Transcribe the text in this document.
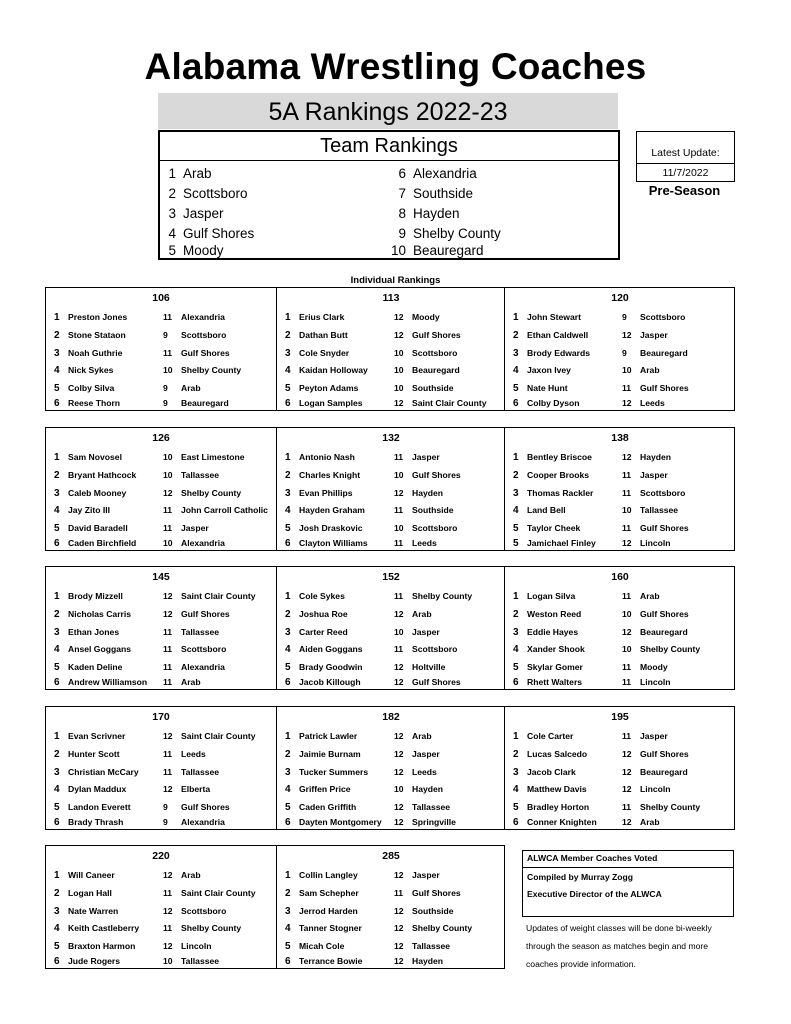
Alabama Wrestling Coaches
5A Rankings 2022-23
Team Rankings
1 Arab
2 Scottsboro
3 Jasper
4 Gulf Shores
5 Moody
6 Alexandria
7 Southside
8 Hayden
9 Shelby County
10 Beauregard
Latest Update:
11/7/2022
Pre-Season
Individual Rankings
106
1 Preston Jones	11 Alexandria
2 Stone Stataon	9 Scottsboro
3 Noah Guthrie	11 Gulf Shores
4 Nick Sykes	10 Shelby County
5 Colby Silva	9 Arab
6 Reese Thorn	9 Beauregard
113
1 Erius Clark	12 Moody
2 Dathan Butt	12 Gulf Shores
3 Cole Snyder	10 Scottsboro
4 Kaidan Holloway	10 Beauregard
5 Peyton Adams	10 Southside
6 Logan Samples	12 Saint Clair County
120
1 John Stewart	9 Scottsboro
2 Ethan Caldwell	12 Jasper
3 Brody Edwards	9 Beauregard
4 Jaxon Ivey	10 Arab
5 Nate Hunt	11 Gulf Shores
6 Colby Dyson	12 Leeds
126
1 Sam Novosel	10 East Limestone
2 Bryant Hathcock	10 Tallassee
3 Caleb Mooney	12 Shelby County
4 Jay Zito III	11 John Carroll Catholic
5 David Baradell	11 Jasper
6 Caden Birchfield	10 Alexandria
132
1 Antonio Nash	11 Jasper
2 Charles Knight	10 Gulf Shores
3 Evan Phillips	12 Hayden
4 Hayden Graham	11 Southside
5 Josh Draskovic	10 Scottsboro
6 Clayton Williams	11 Leeds
138
1 Bentley Briscoe	12 Hayden
2 Cooper Brooks	11 Jasper
3 Thomas Rackler	11 Scottsboro
4 Land Bell	10 Tallassee
5 Taylor Cheek	11 Gulf Shores
5 Jamichael Finley	12 Lincoln
145
1 Brody Mizzell	12 Saint Clair County
2 Nicholas Carris	12 Gulf Shores
3 Ethan Jones	11 Tallassee
4 Ansel Goggans	11 Scottsboro
5 Kaden Deline	11 Alexandria
6 Andrew Williamson 11 Arab
152
1 Cole Sykes	11 Shelby County
2 Joshua Roe	12 Arab
3 Carter Reed	10 Jasper
4 Aiden Goggans	11 Scottsboro
5 Brady Goodwin	12 Holtville
6 Jacob Killough	12 Gulf Shores
160
1 Logan Silva	11 Arab
2 Weston Reed	10 Gulf Shores
3 Eddie Hayes	12 Beauregard
4 Xander Shook	10 Shelby County
5 Skylar Gomer	11 Moody
6 Rhett Walters	11 Lincoln
170
1 Evan Scrivner	12 Saint Clair County
2 Hunter Scott	11 Leeds
3 Christian McCary	11 Tallassee
4 Dylan Maddux	12 Elberta
5 Landon Everett	9 Gulf Shores
6 Brady Thrash	9 Alexandria
182
1 Patrick Lawler	12 Arab
2 Jaimie Burnam	12 Jasper
3 Tucker Summers	12 Leeds
4 Griffen Price	10 Hayden
5 Caden Griffith	12 Tallassee
6 Dayten Montgomery 12 Springville
195
1 Cole Carter	11 Jasper
2 Lucas Salcedo	12 Gulf Shores
3 Jacob Clark	12 Beauregard
4 Matthew Davis	12 Lincoln
5 Bradley Horton	11 Shelby County
6 Conner Knighten	12 Arab
220
1 Will Caneer	12 Arab
2 Logan Hall	11 Saint Clair County
3 Nate Warren	12 Scottsboro
4 Keith Castleberry	11 Shelby County
5 Braxton Harmon	12 Lincoln
6 Jude Rogers	10 Tallassee
285
1 Collin Langley	12 Jasper
2 Sam Schepher	11 Gulf Shores
3 Jerrod Harden	12 Southside
4 Tanner Stogner	12 Shelby County
5 Micah Cole	12 Tallassee
6 Terrance Bowie	12 Hayden
ALWCA Member Coaches Voted
Compiled by Murray Zogg
Executive Director of the ALWCA
Updates of weight classes will be done bi-weekly
through the season as matches begin and more
coaches provide information.
